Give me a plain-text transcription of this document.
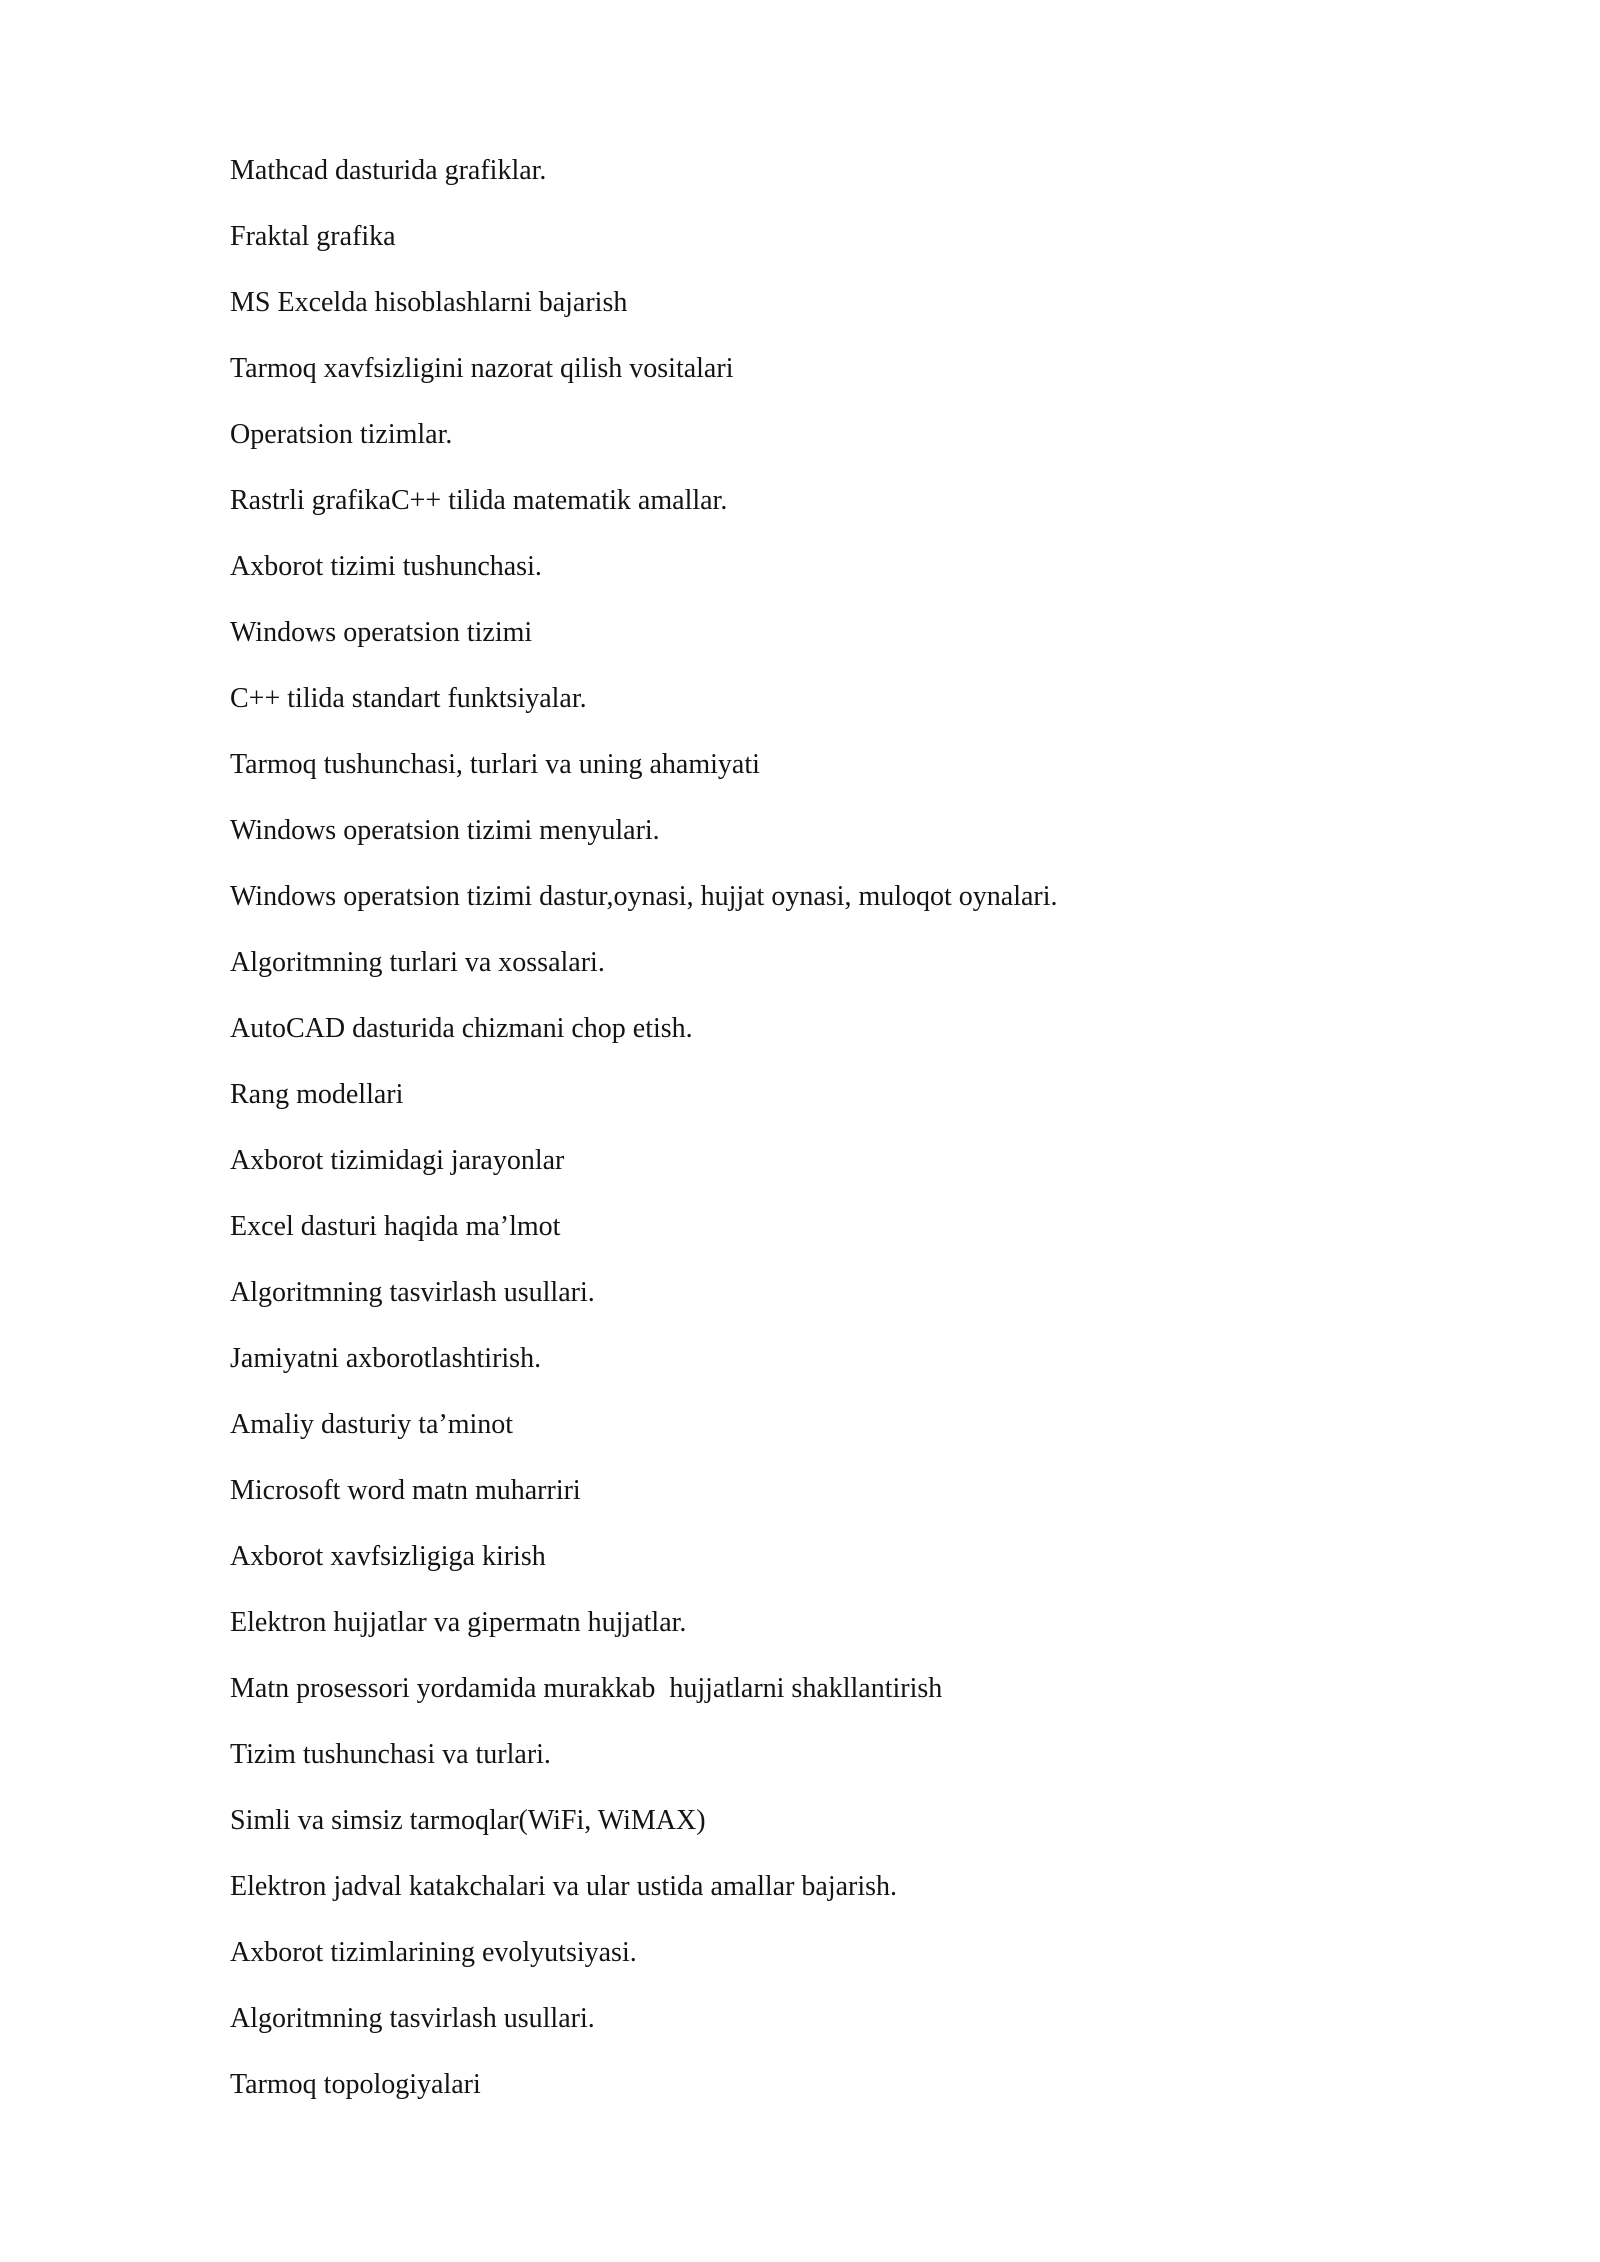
Mathcad dasturida grafiklar.
Fraktal grafika
MS Excelda hisoblashlarni bajarish
Tarmoq xavfsizligini nazorat qilish vositalari
Operatsion tizimlar.
Rastrli grafikaC++ tilida matematik amallar.
Axborot tizimi tushunchasi.
Windows operatsion tizimi
C++ tilida standart funktsiyalar.
Tarmoq tushunchasi, turlari va uning ahamiyati
Windows operatsion tizimi menyulari.
Windows operatsion tizimi dastur,oynasi, hujjat oynasi, muloqot oynalari.
Algoritmning turlari va xossalari.
AutoCAD dasturida chizmani chop etish.
Rang modellari
Axborot tizimidagi jarayonlar
Excel dasturi haqida ma’lmot
Algoritmning tasvirlash usullari.
Jamiyatni axborotlashtirish.
Amaliy dasturiy ta’minot
Microsoft word matn muharriri
Axborot xavfsizligiga kirish
Elektron hujjatlar va gipermatn hujjatlar.
Matn prosessori yordamida murakkab  hujjatlarni shakllantirish
Tizim tushunchasi va turlari.
Simli va simsiz tarmoqlar(WiFi, WiMAX)
Elektron jadval katakchalari va ular ustida amallar bajarish.
Axborot tizimlarining evolyutsiyasi.
Algoritmning tasvirlash usullari.
Tarmoq topologiyalari
